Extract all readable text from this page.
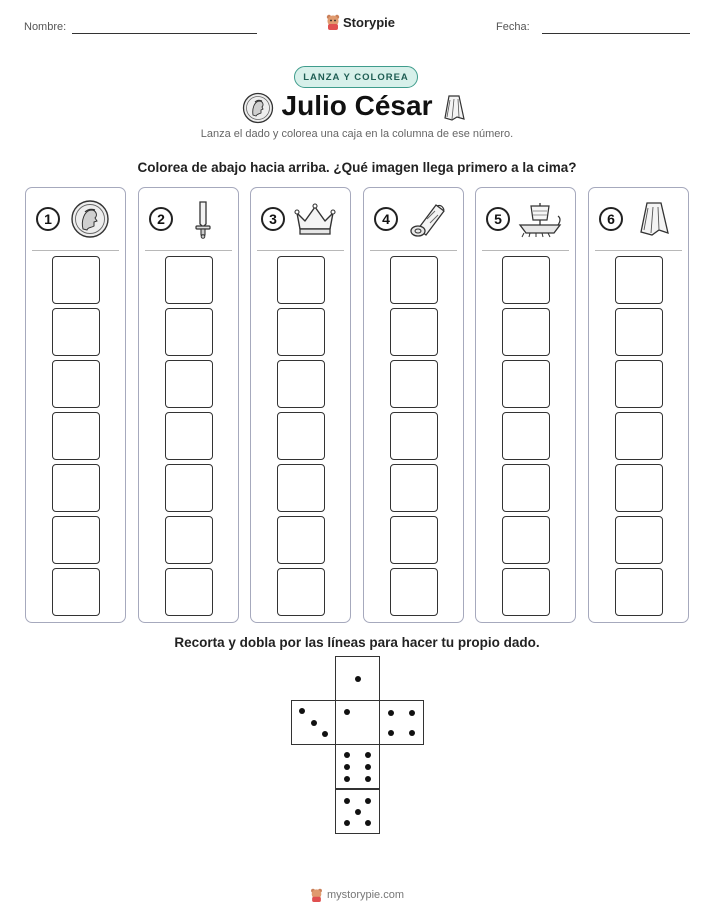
Nombre:	Storypie	Fecha:
LANZA Y COLOREA
Julio César
Lanza el dado y colorea una caja en la columna de ese número.
Colorea de abajo hacia arriba. ¿Qué imagen llega primero a la cima?
1	2	3	4	5	6
Recorta y dobla por las líneas para hacer tu propio dado.
mystorypie.com
